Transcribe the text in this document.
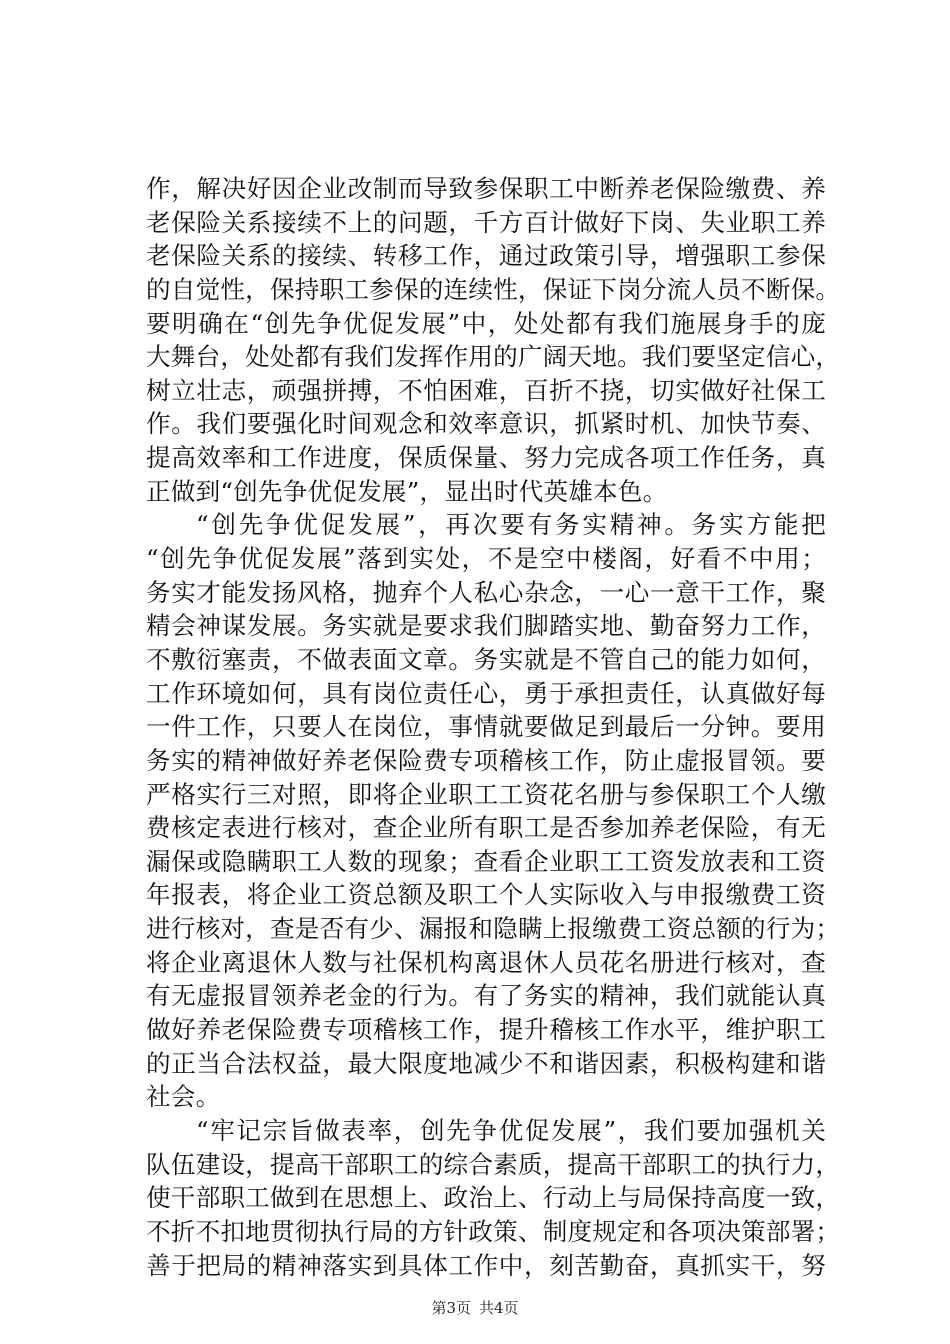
作，解决好因企业改制而导致参保职工中断养老保险缴费、养
老保险关系接续不上的问题，千方百计做好下岗、失业职工养
老保险关系的接续、转移工作，通过政策引导，增强职工参保
的自觉性，保持职工参保的连续性，保证下岗分流人员不断保。
要明确在“创先争优促发展”中，处处都有我们施展身手的庞
大舞台，处处都有我们发挥作用的广阔天地。我们要坚定信心，
树立壮志，顽强拼搏，不怕困难，百折不挠，切实做好社保工
作。我们要强化时间观念和效率意识，抓紧时机、加快节奏、
提高效率和工作进度，保质保量、努力完成各项工作任务，真
正做到“创先争优促发展”，显出时代英雄本色。
“创先争优促发展”，再次要有务实精神。务实方能把
“创先争优促发展”落到实处，不是空中楼阁，好看不中用；
务实才能发扬风格，抛弃个人私心杂念，一心一意干工作，聚
精会神谋发展。务实就是要求我们脚踏实地、勤奋努力工作，
不敷衍塞责，不做表面文章。务实就是不管自己的能力如何，
工作环境如何，具有岗位责任心，勇于承担责任，认真做好每
一件工作，只要人在岗位，事情就要做足到最后一分钟。要用
务实的精神做好养老保险费专项稽核工作，防止虚报冒领。要
严格实行三对照，即将企业职工工资花名册与参保职工个人缴
费核定表进行核对，查企业所有职工是否参加养老保险，有无
漏保或隐瞒职工人数的现象；查看企业职工工资发放表和工资
年报表，将企业工资总额及职工个人实际收入与申报缴费工资
进行核对，查是否有少、漏报和隐瞒上报缴费工资总额的行为；
将企业离退休人数与社保机构离退休人员花名册进行核对，查
有无虚报冒领养老金的行为。有了务实的精神，我们就能认真
做好养老保险费专项稽核工作，提升稽核工作水平，维护职工
的正当合法权益，最大限度地减少不和谐因素，积极构建和谐
社会。
“牢记宗旨做表率，创先争优促发展”，我们要加强机关
队伍建设，提高干部职工的综合素质，提高干部职工的执行力，
使干部职工做到在思想上、政治上、行动上与局保持高度一致，
不折不扣地贯彻执行局的方针政策、制度规定和各项决策部署；
善于把局的精神落实到具体工作中，刻苦勤奋，真抓实干，努
第3页 共4页
